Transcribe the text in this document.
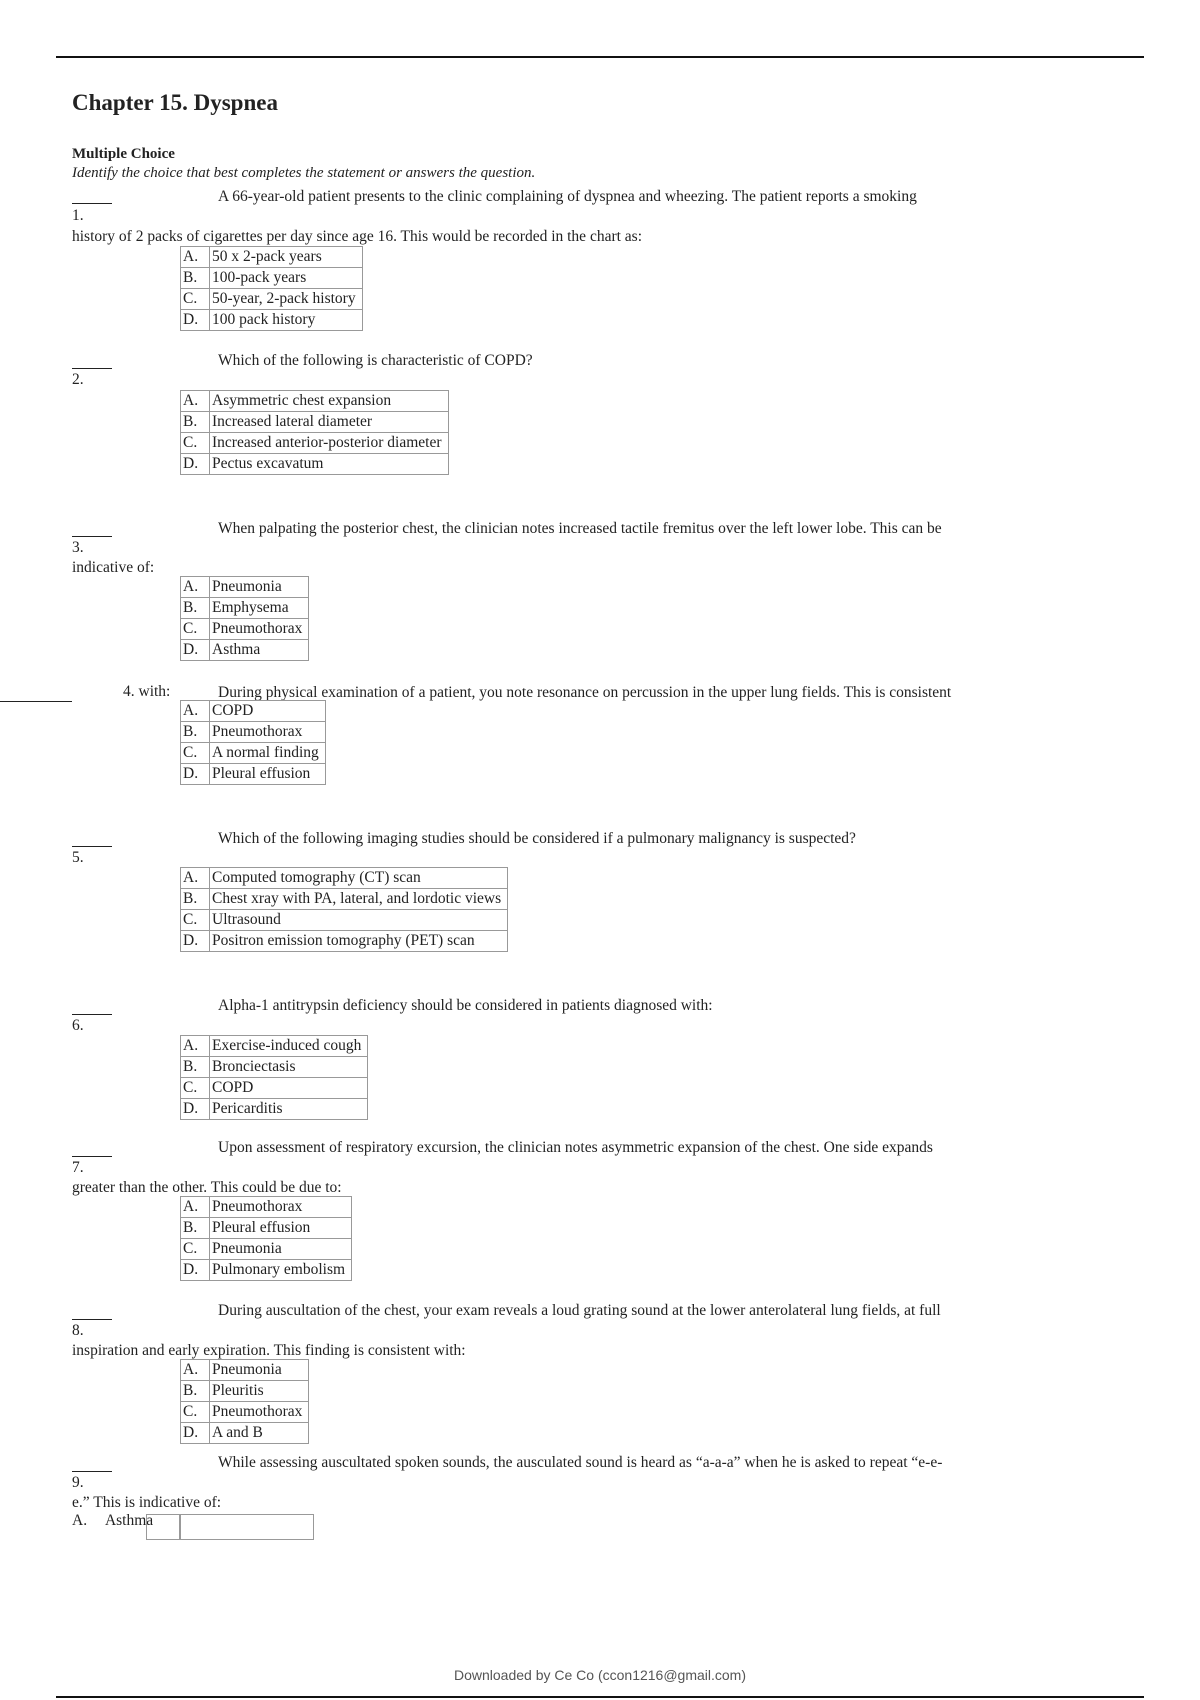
Chapter 15. Dyspnea
Multiple Choice
Identify the choice that best completes the statement or answers the question.
1.
A 66-year-old patient presents to the clinic complaining of dyspnea and wheezing. The patient reports a smoking
history of 2 packs of cigarettes per day since age 16. This would be recorded in the chart as:
A.	50 x 2-pack years
B.	100-pack years
C.	50-year, 2-pack history
D.	100 pack history
2.
Which of the following is characteristic of COPD?
A.	Asymmetric chest expansion
B.	Increased lateral diameter
C.	Increased anterior-posterior diameter
D.	Pectus excavatum
3.
When palpating the posterior chest, the clinician notes increased tactile fremitus over the left lower lobe. This can be
indicative of:
A.	Pneumonia
B.	Emphysema
C.	Pneumothorax
D.	Asthma
4. with:	During physical examination of a patient, you note resonance on percussion in the upper lung fields. This is consistent
A.	COPD
B.	Pneumothorax
C.	A normal finding
D.	Pleural effusion
5.
Which of the following imaging studies should be considered if a pulmonary malignancy is suspected?
A.	Computed tomography (CT) scan
B.	Chest xray with PA, lateral, and lordotic views
C.	Ultrasound
D.	Positron emission tomography (PET) scan
6.
Alpha-1 antitrypsin deficiency should be considered in patients diagnosed with:
A.	Exercise-induced cough
B.	Bronciectasis
C.	COPD
D.	Pericarditis
7.
Upon assessment of respiratory excursion, the clinician notes asymmetric expansion of the chest. One side expands
greater than the other. This could be due to:
A.	Pneumothorax
B.	Pleural effusion
C.	Pneumonia
D.	Pulmonary embolism
8.
During auscultation of the chest, your exam reveals a loud grating sound at the lower anterolateral lung fields, at full
inspiration and early expiration. This finding is consistent with:
A.	Pneumonia
B.	Pleuritis
C.	Pneumothorax
D.	A and B
9.
While assessing auscultated spoken sounds, the ausculated sound is heard as “a-a-a” when he is asked to repeat “e-e-
e.” This is indicative of:
A. Asthma
Downloaded by Ce Co (ccon1216@gmail.com)
